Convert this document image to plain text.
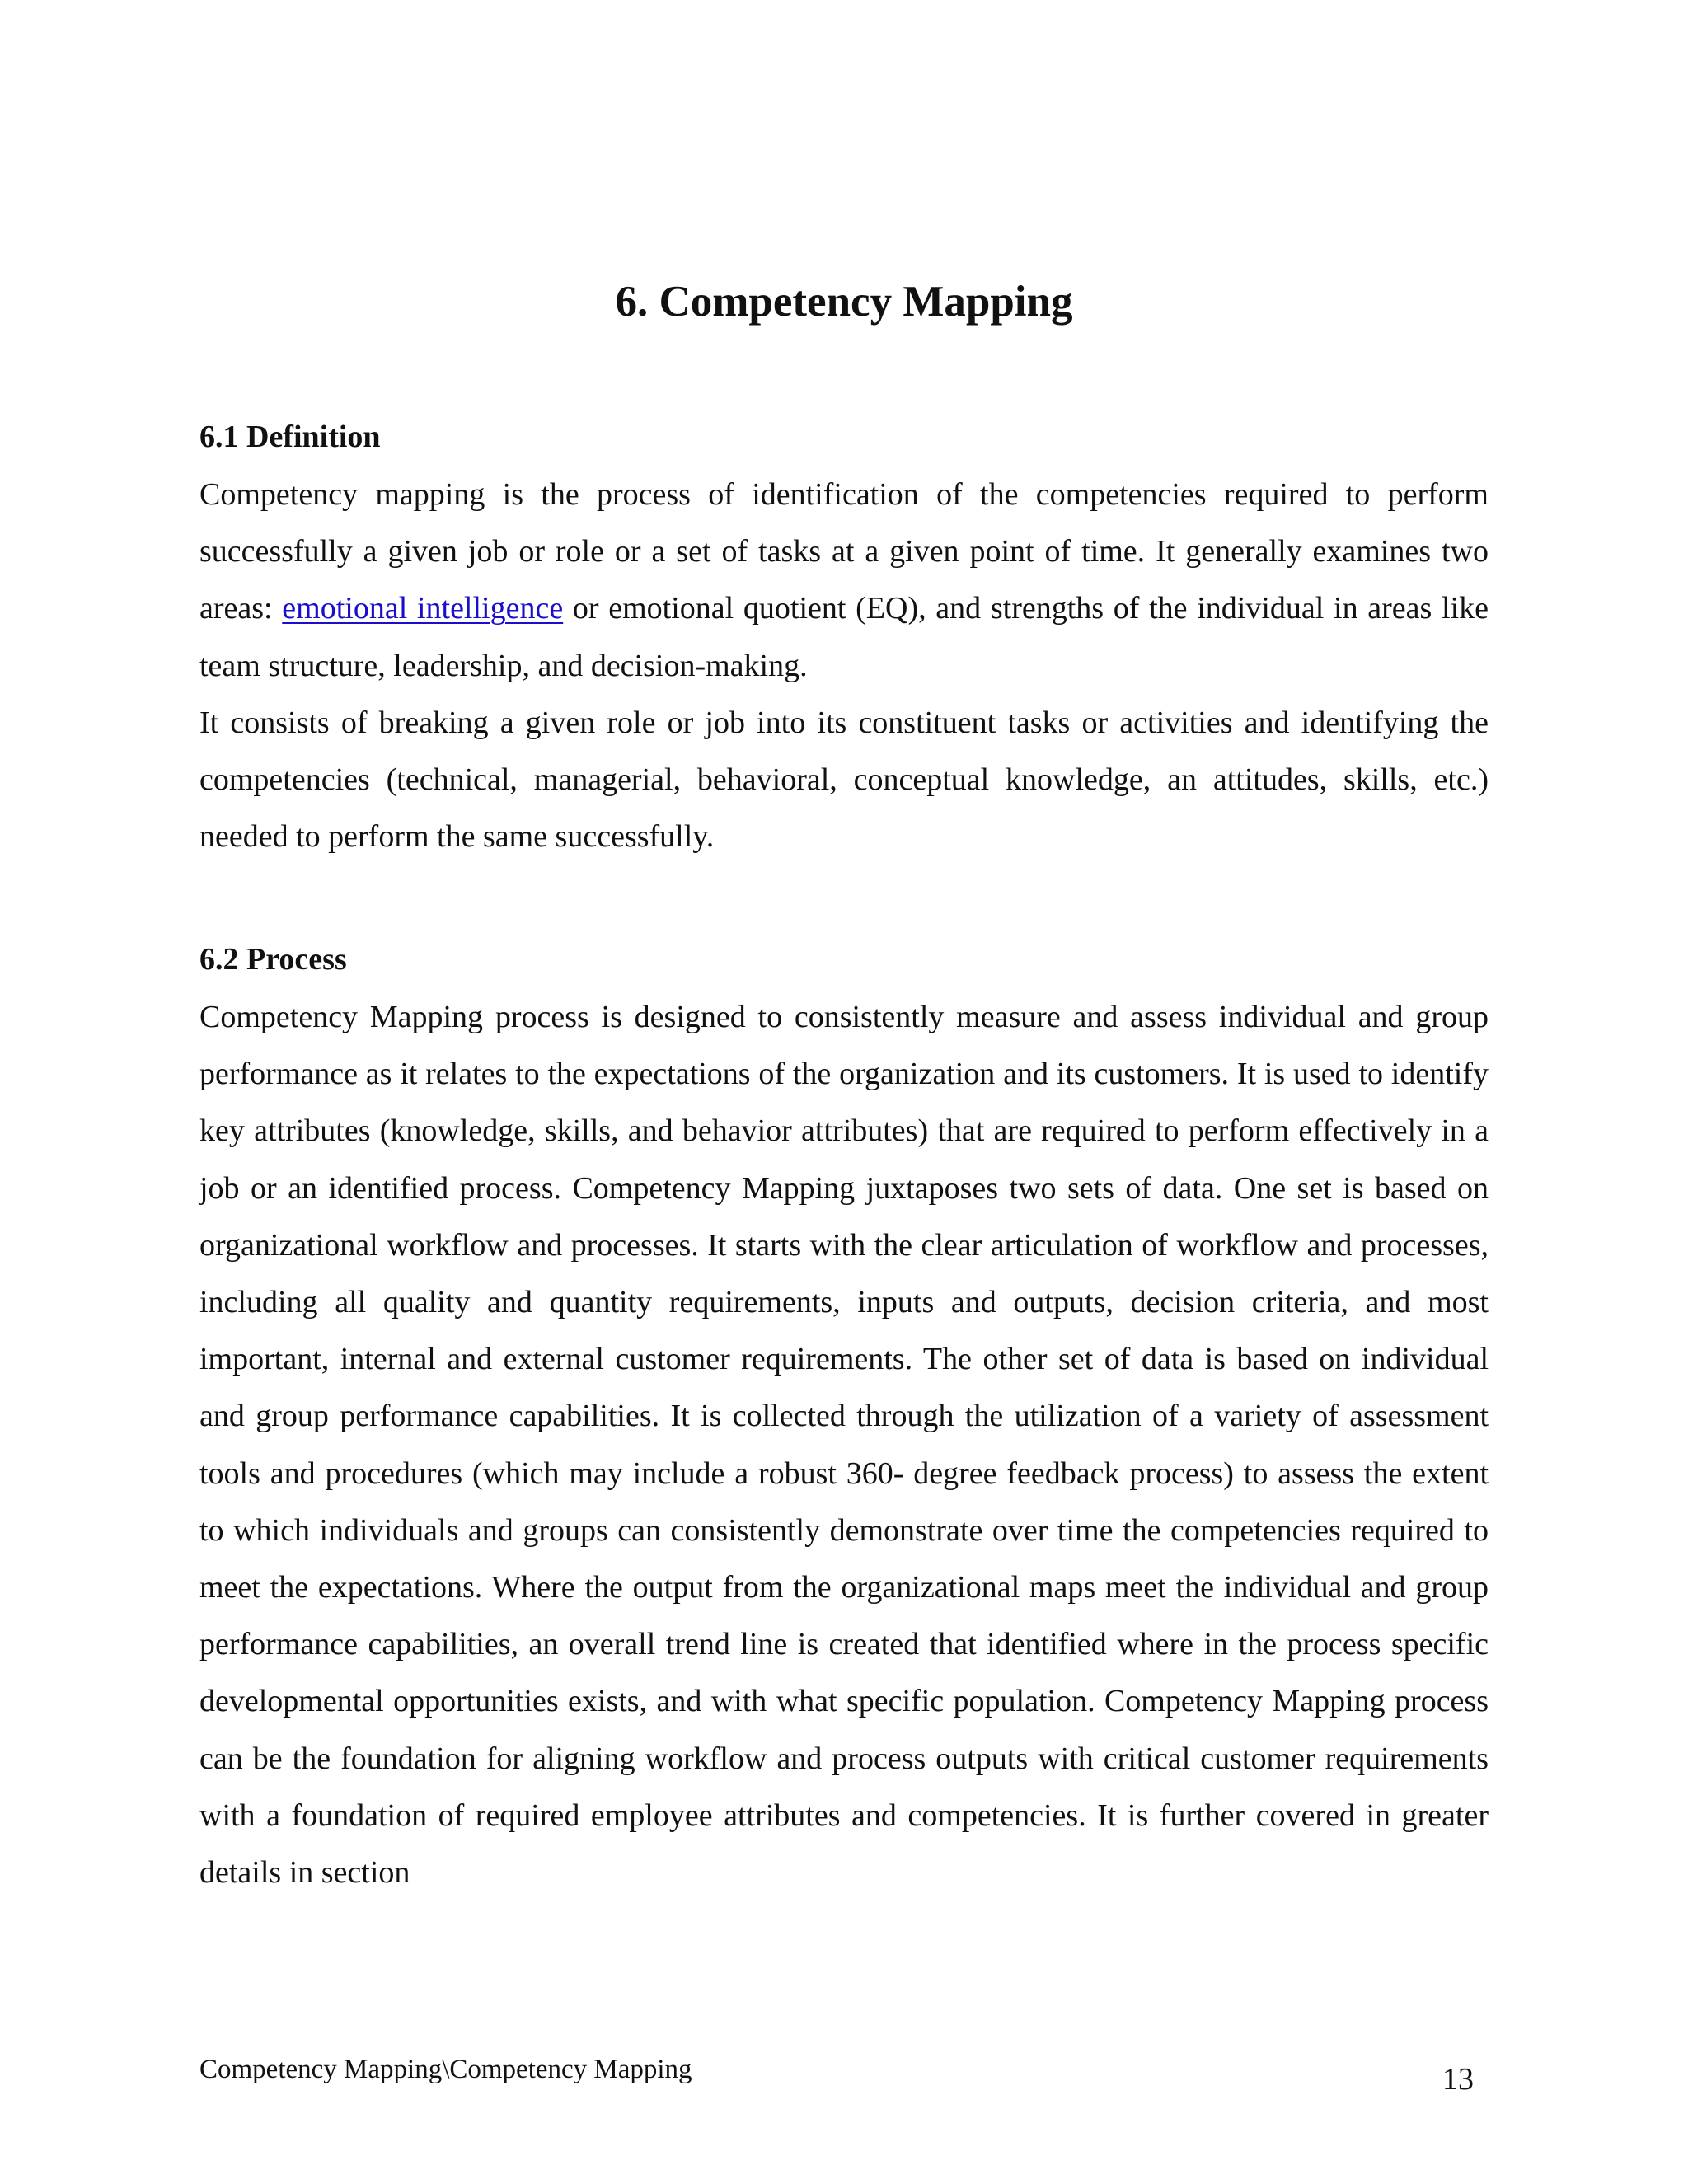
6. Competency Mapping
6.1 Definition

Competency mapping is the process of identification of the competencies required to perform successfully a given job or role or a set of tasks at a given point of time. It generally examines two areas: emotional intelligence or emotional quotient (EQ), and strengths of the individual in areas like team structure, leadership, and decision-making.

It consists of breaking a given role or job into its constituent tasks or activities and identifying the competencies (technical, managerial, behavioral, conceptual knowledge, an attitudes, skills, etc.) needed to perform the same successfully.

6.2 Process

Competency Mapping process is designed to consistently measure and assess individual and group performance as it relates to the expectations of the organization and its customers. It is used to identify key attributes (knowledge, skills, and behavior attributes) that are required to perform effectively in a job or an identified process. Competency Mapping juxtaposes two sets of data. One set is based on organizational workflow and processes. It starts with the clear articulation of workflow and processes, including all quality and quantity requirements, inputs and outputs, decision criteria, and most important, internal and external customer requirements. The other set of data is based on individual and group performance capabilities. It is collected through the utilization of a variety of assessment tools and procedures (which may include a robust 360- degree feedback process) to assess the extent to which individuals and groups can consistently demonstrate over time the competencies required to meet the expectations. Where the output from the organizational maps meet the individual and group performance capabilities, an overall trend line is created that identified where in the process specific developmental opportunities exists, and with what specific population. Competency Mapping process can be the foundation for aligning workflow and process outputs with critical customer requirements with a foundation of required employee attributes and competencies. It is further covered in greater details in section

Competency Mapping\Competency Mapping	13
